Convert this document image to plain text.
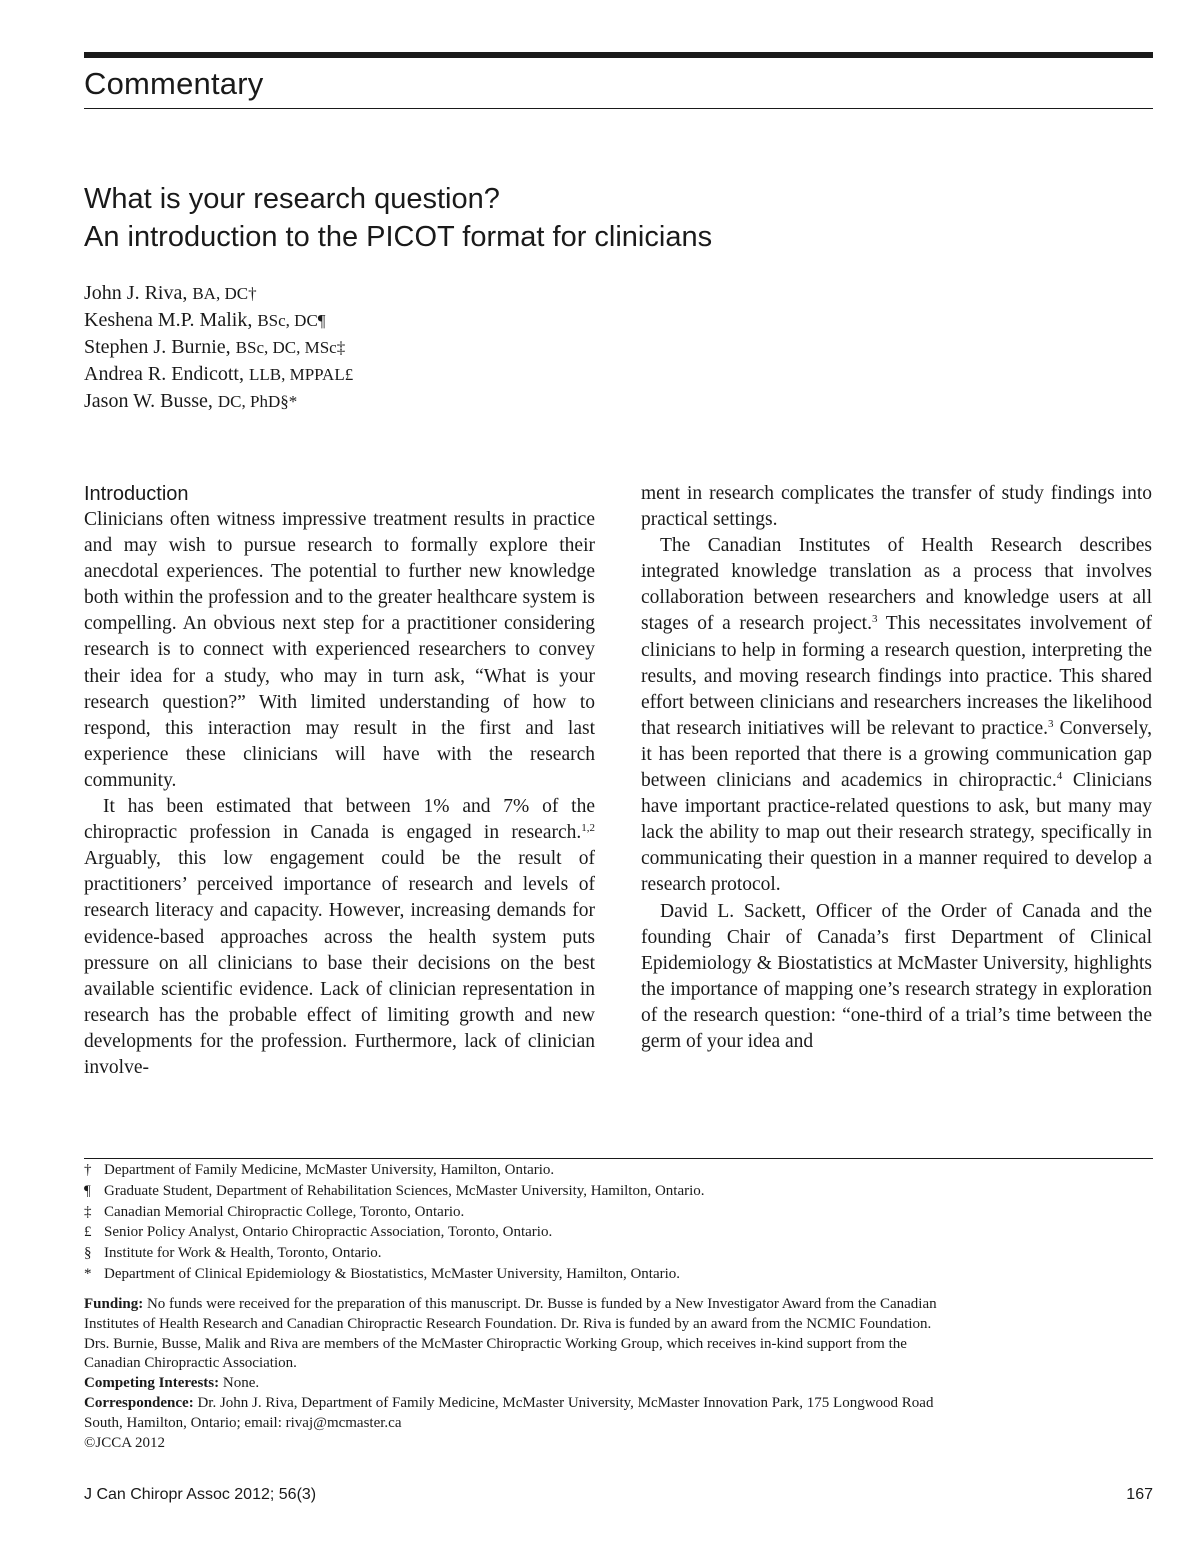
Commentary
What is your research question?
An introduction to the PICOT format for clinicians
John J. Riva, BA, DC†
Keshena M.P. Malik, BSc, DC¶
Stephen J. Burnie, BSc, DC, MSc‡
Andrea R. Endicott, LLB, MPPAL£
Jason W. Busse, DC, PhD§*

Introduction

Clinicians often witness impressive treatment results in practice and may wish to pursue research to formally explore their anecdotal experiences. The potential to further new knowledge both within the profession and to the greater healthcare system is compelling. An obvious next step for a practitioner considering research is to connect with experienced researchers to convey their idea for a study, who may in turn ask, “What is your research question?” With limited understanding of how to respond, this interaction may result in the first and last experience these clinicians will have with the research community.

It has been estimated that between 1% and 7% of the chiropractic profession in Canada is engaged in research.$^{1,2}$ Arguably, this low engagement could be the result of practitioners’ perceived importance of research and levels of research literacy and capacity. However, increasing demands for evidence-based approaches across the health system puts pressure on all clinicians to base their decisions on the best available scientific evidence. Lack of clinician representation in research has the probable effect of limiting growth and new developments for the profession. Furthermore, lack of clinician involve-

ment in research complicates the transfer of study findings into practical settings.

The Canadian Institutes of Health Research describes integrated knowledge translation as a process that involves collaboration between researchers and knowledge users at all stages of a research project.$^3$ This necessitates involvement of clinicians to help in forming a research question, interpreting the results, and moving research findings into practice. This shared effort between clinicians and researchers increases the likelihood that research initiatives will be relevant to practice.$^3$ Conversely, it has been reported that there is a growing communication gap between clinicians and academics in chiropractic.$^4$ Clinicians have important practice-related questions to ask, but many may lack the ability to map out their research strategy, specifically in communicating their question in a manner required to develop a research protocol.

David L. Sackett, Officer of the Order of Canada and the founding Chair of Canada’s first Department of Clinical Epidemiology & Biostatistics at McMaster University, highlights the importance of mapping one’s research strategy in exploration of the research question: “one-third of a trial’s time between the germ of your idea and

† Department of Family Medicine, McMaster University, Hamilton, Ontario.
¶ Graduate Student, Department of Rehabilitation Sciences, McMaster University, Hamilton, Ontario.
‡ Canadian Memorial Chiropractic College, Toronto, Ontario.
£ Senior Policy Analyst, Ontario Chiropractic Association, Toronto, Ontario.
§ Institute for Work & Health, Toronto, Ontario.
* Department of Clinical Epidemiology & Biostatistics, McMaster University, Hamilton, Ontario.
Funding: No funds were received for the preparation of this manuscript. Dr. Busse is funded by a New Investigator Award from the Canadian
Institutes of Health Research and Canadian Chiropractic Research Foundation. Dr. Riva is funded by an award from the NCMIC Foundation.
Drs. Burnie, Busse, Malik and Riva are members of the McMaster Chiropractic Working Group, which receives in-kind support from the
Canadian Chiropractic Association.
Competing Interests: None.
Correspondence: Dr. John J. Riva, Department of Family Medicine, McMaster University, McMaster Innovation Park, 175 Longwood Road
South, Hamilton, Ontario; email: rivaj@mcmaster.ca
©JCCA 2012
J Can Chiropr Assoc 2012; 56(3)	167
